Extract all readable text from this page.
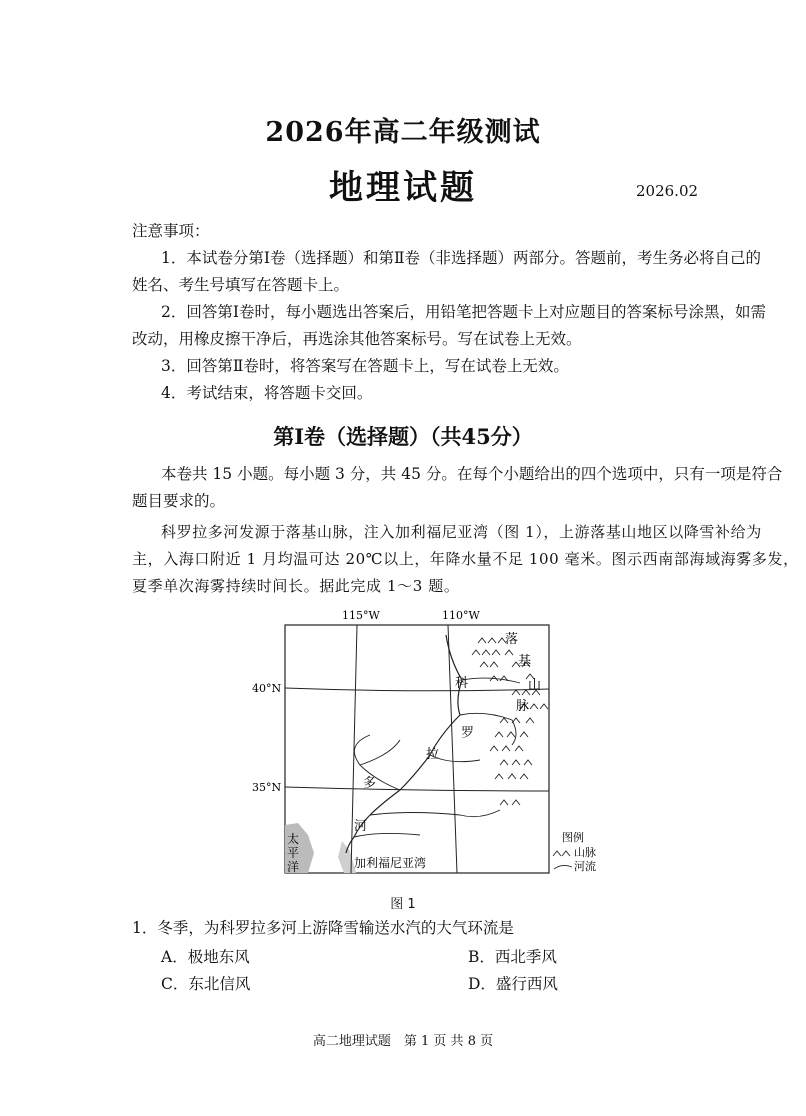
2026年高二年级测试
地理试题	2026.02
注意事项：
1．本试卷分第Ⅰ卷（选择题）和第Ⅱ卷（非选择题）两部分。答题前，考生务必将自己的
姓名、考生号填写在答题卡上。
2．回答第Ⅰ卷时，每小题选出答案后，用铅笔把答题卡上对应题目的答案标号涂黑，如需
改动，用橡皮擦干净后，再选涂其他答案标号。写在试卷上无效。
3．回答第Ⅱ卷时，将答案写在答题卡上，写在试卷上无效。
4．考试结束，将答题卡交回。
第Ⅰ卷（选择题）（共45分）
本卷共 15 小题。每小题 3 分，共 45 分。在每个小题给出的四个选项中，只有一项是符合
题目要求的。
科罗拉多河发源于落基山脉，注入加利福尼亚湾（图 1），上游落基山地区以降雪补给为
主，入海口附近 1 月均温可达 20℃以上，年降水量不足 100 毫米。图示西南部海域海雾多发，
夏季单次海雾持续时间长。据此完成 1～3 题。
115°W	110°W
40°N
35°N
落
基
山
脉
科
罗
拉
多
河
太
平
洋	加利福尼亚湾
图例
山脉
河流
图 1
1．冬季，为科罗拉多河上游降雪输送水汽的大气环流是
A．极地东风	B．西北季风
C．东北信风	D．盛行西风
高二地理试题　第 1 页 共 8 页
